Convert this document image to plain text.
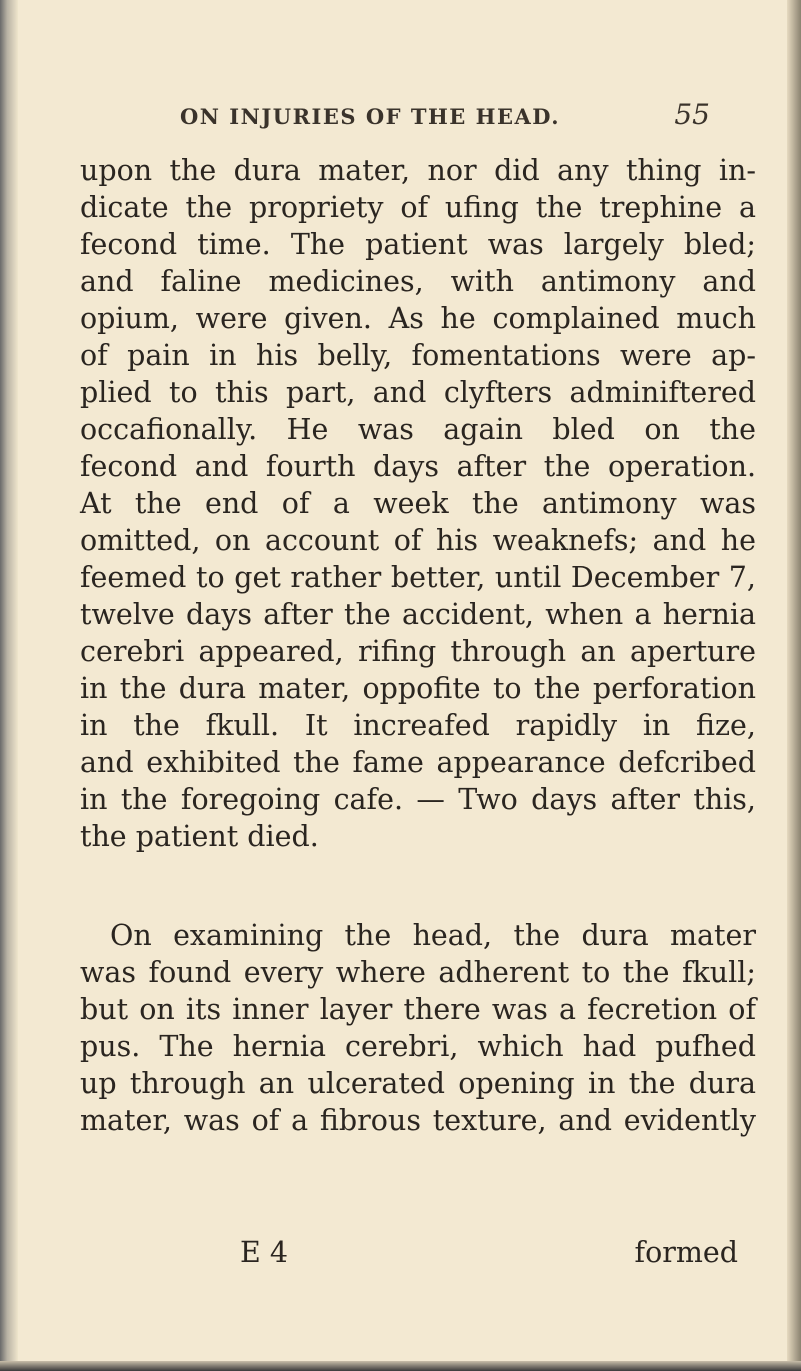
ON INJURIES OF THE HEAD.	55
upon the dura mater, nor did any thing in-
dicate the propriety of ufing the trephine a
fecond time. The patient was largely bled;
and faline medicines, with antimony and
opium, were given. As he complained much
of pain in his belly, fomentations were ap-
plied to this part, and clyfters adminiftered
occafionally. He was again bled on the
fecond and fourth days after the operation.
At the end of a week the antimony was
omitted, on account of his weaknefs; and he
feemed to get rather better, until December 7,
twelve days after the accident, when a hernia
cerebri appeared, rifing through an aperture
in the dura mater, oppofite to the perforation
in the fkull. It increafed rapidly in fize,
and exhibited the fame appearance defcribed
in the foregoing cafe. — Two days after this,
the patient died.
On examining the head, the dura mater
was found every where adherent to the fkull;
but on its inner layer there was a fecretion of
pus. The hernia cerebri, which had pufhed
up through an ulcerated opening in the dura
mater, was of a fibrous texture, and evidently
E 4	formed
